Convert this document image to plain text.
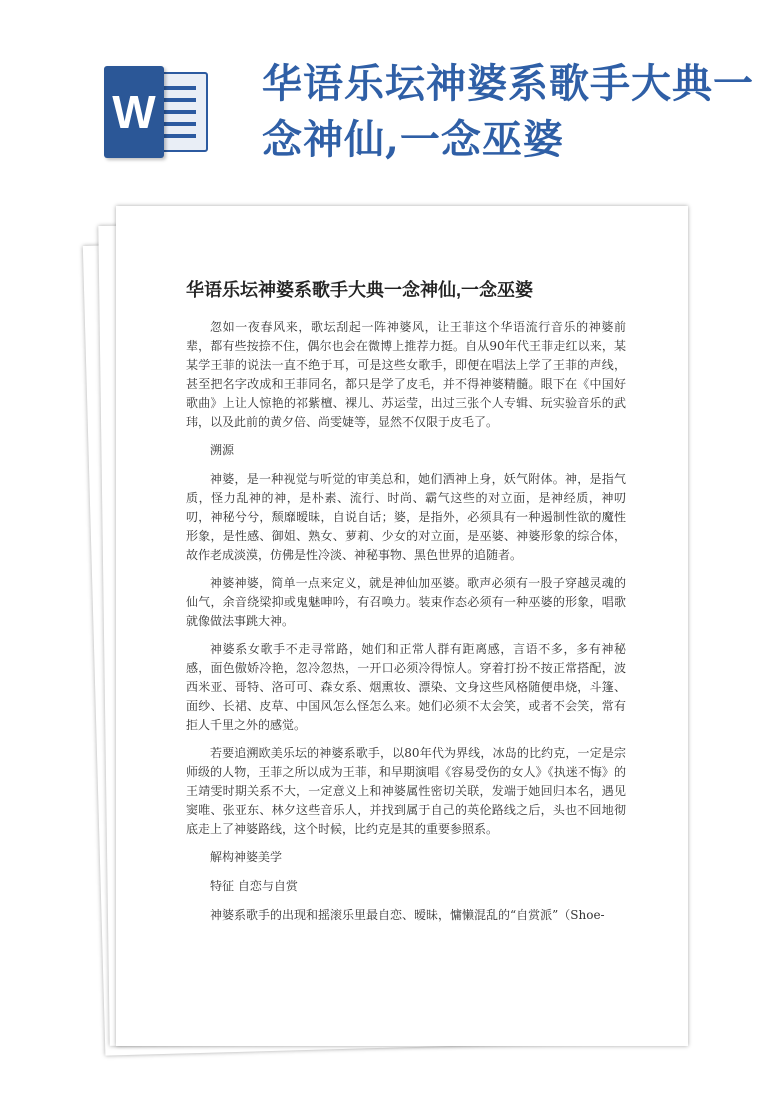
W
华语乐坛神婆系歌手大典一念神仙,一念巫婆
华语乐坛神婆系歌手大典一念神仙,一念巫婆

忽如一夜春风来，歌坛刮起一阵神婆风，让王菲这个华语流行音乐的神婆前辈，都有些按捺不住，偶尔也会在微博上推荐力挺。自从90年代王菲走红以来，某某学王菲的说法一直不绝于耳，可是这些女歌手，即便在唱法上学了王菲的声线，甚至把名字改成和王菲同名，都只是学了皮毛，并不得神婆精髓。眼下在《中国好歌曲》上让人惊艳的祁紫檀、裸儿、苏运莹，出过三张个人专辑、玩实验音乐的武玮，以及此前的黄夕倍、尚雯婕等，显然不仅限于皮毛了。

溯源

神婆，是一种视觉与听觉的审美总和，她们洒神上身，妖气附体。神，是指气质，怪力乱神的神，是朴素、流行、时尚、霸气这些的对立面，是神经质，神叨叨，神秘兮兮，颓靡暧昧，自说自话；婆，是指外，必须具有一种遏制性欲的魔性形象，是性感、御姐、熟女、萝莉、少女的对立面，是巫婆、神婆形象的综合体，故作老成淡漠，仿佛是性冷淡、神秘事物、黑色世界的追随者。

神婆神婆，简单一点来定义，就是神仙加巫婆。歌声必须有一股子穿越灵魂的仙气，余音绕梁抑或鬼魅呻吟，有召唤力。装束作态必须有一种巫婆的形象，唱歌就像做法事跳大神。

神婆系女歌手不走寻常路，她们和正常人群有距离感，言语不多，多有神秘感，面色傲娇冷艳，忽冷忽热，一开口必须冷得惊人。穿着打扮不按正常搭配，波西米亚、哥特、洛可可、森女系、烟熏妆、漂染、文身这些风格随便串烧，斗篷、面纱、长裙、皮草、中国风怎么怪怎么来。她们必须不太会笑，或者不会笑，常有拒人千里之外的感觉。

若要追溯欧美乐坛的神婆系歌手，以80年代为界线，冰岛的比约克，一定是宗师级的人物，王菲之所以成为王菲，和早期演唱《容易受伤的女人》《执迷不悔》的王靖雯时期关系不大，一定意义上和神婆属性密切关联，发端于她回归本名，遇见窦唯、张亚东、林夕这些音乐人，并找到属于自己的英伦路线之后，头也不回地彻底走上了神婆路线，这个时候，比约克是其的重要参照系。

解构神婆美学
特征 自恋与自赏

神婆系歌手的出现和摇滚乐里最自恋、暧昧，慵懒混乱的“自赏派”（Shoe-
